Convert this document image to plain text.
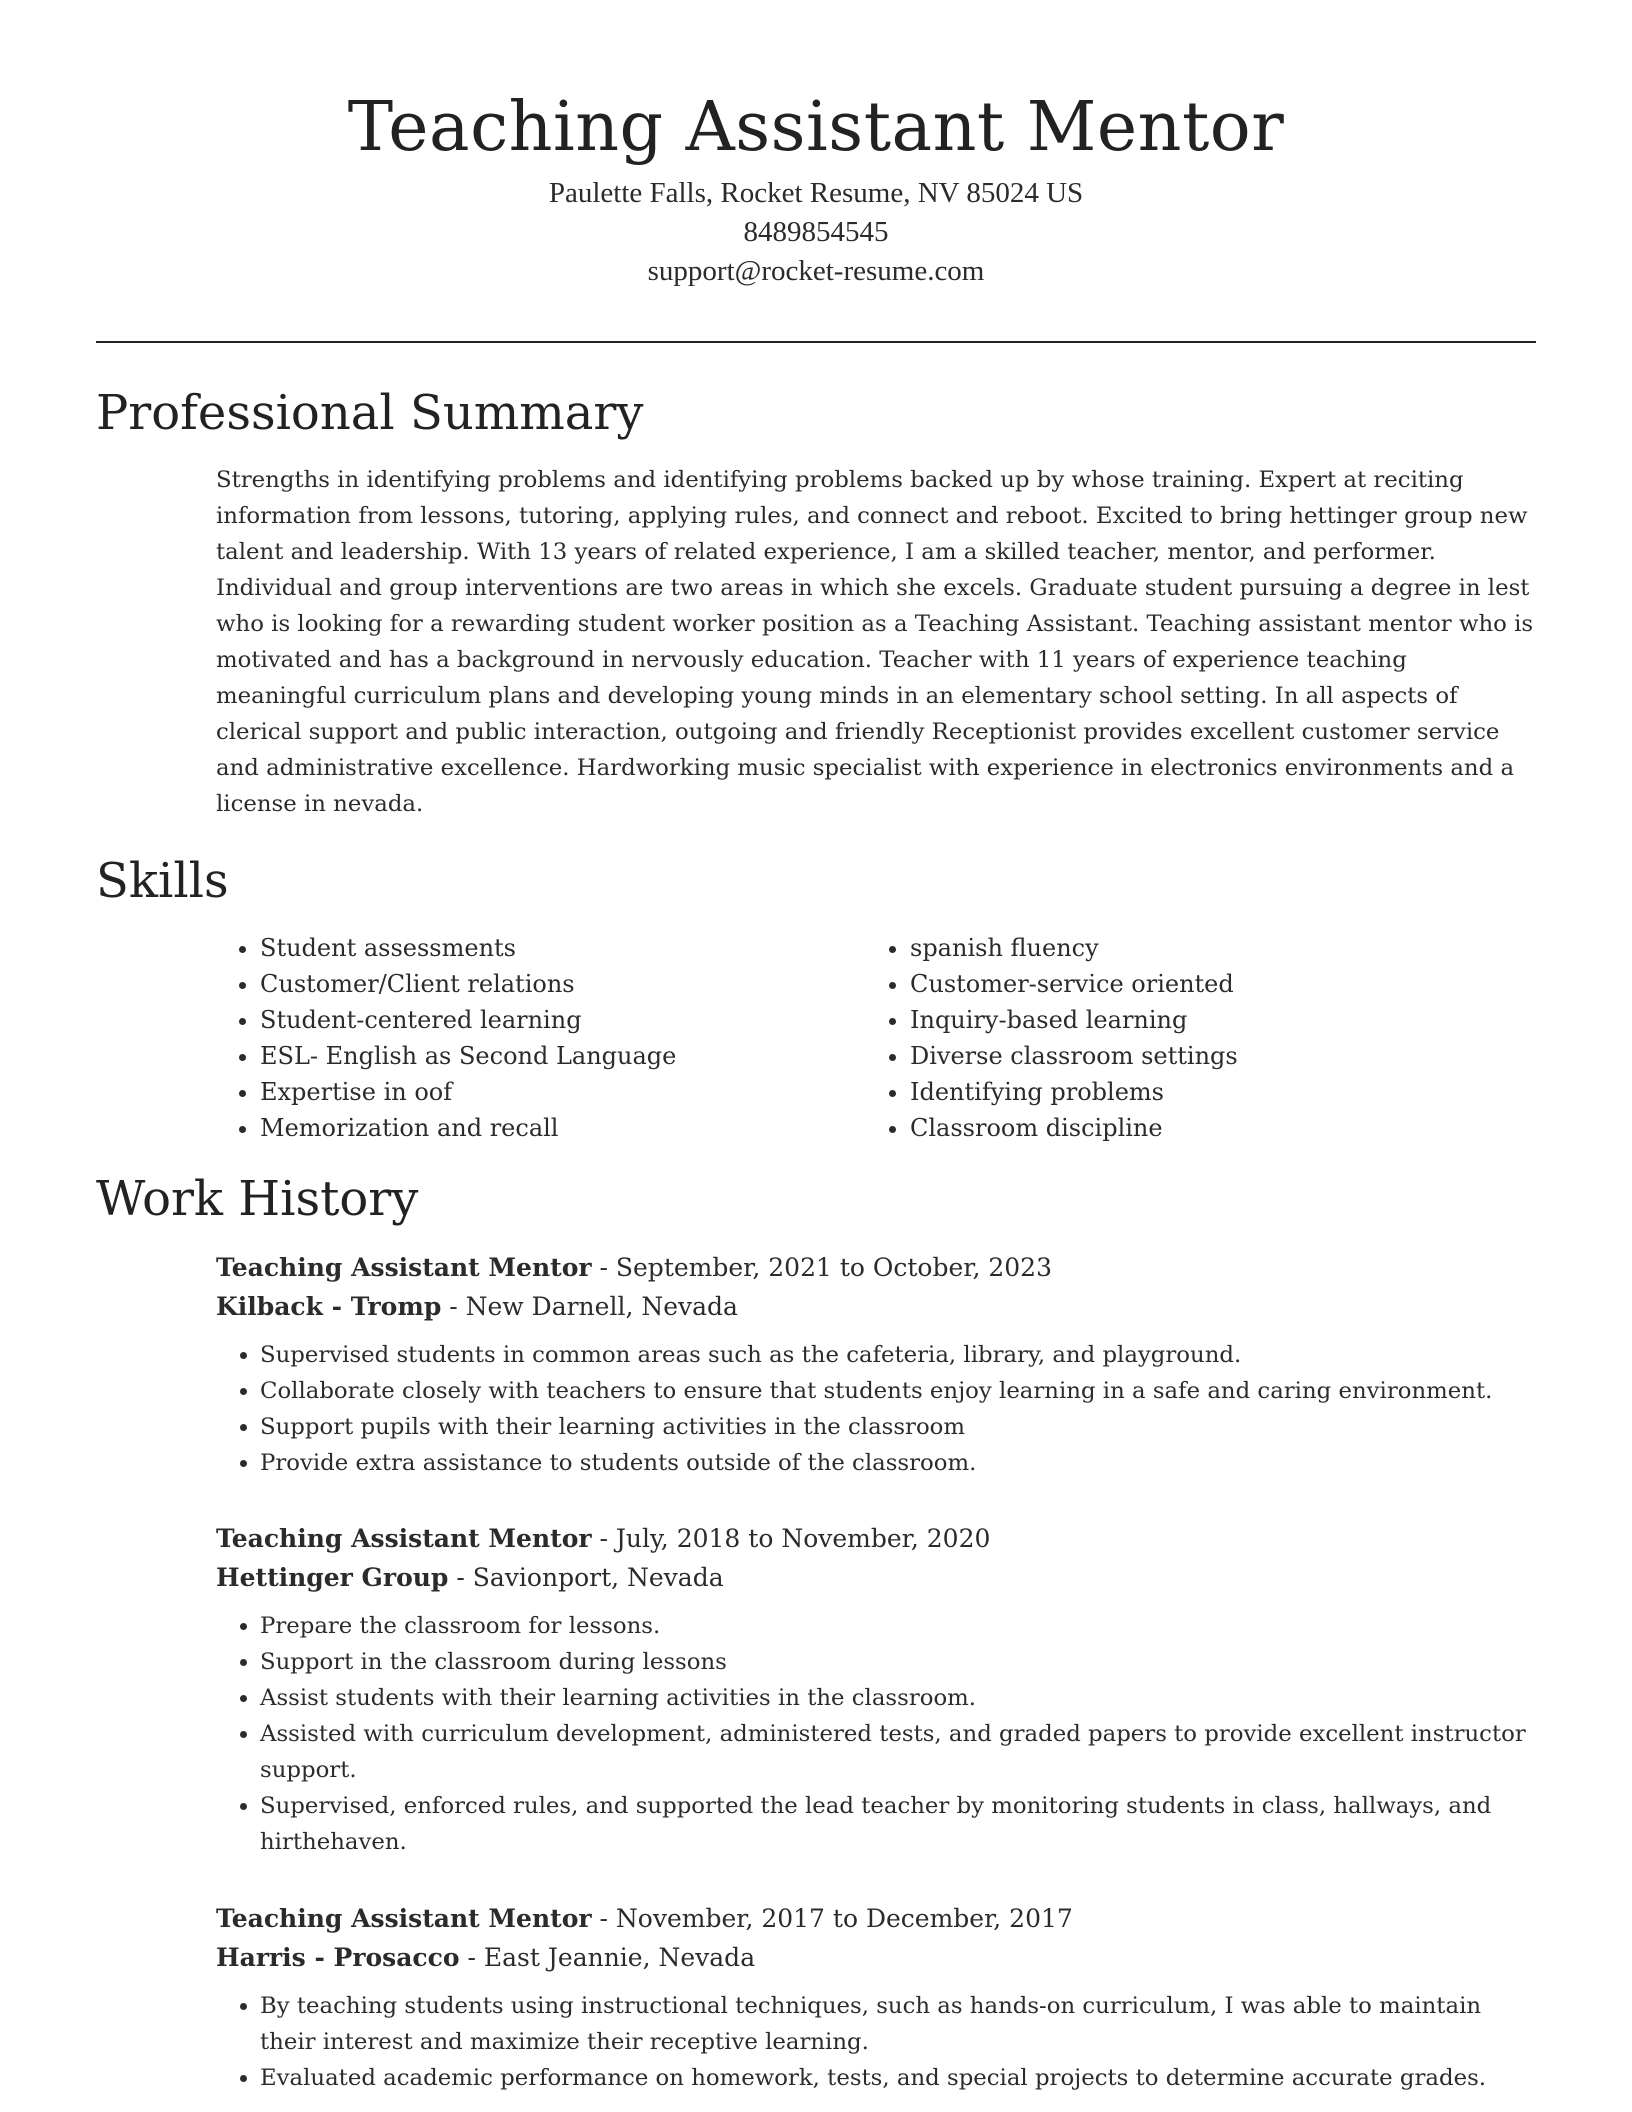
Teaching Assistant Mentor
Paulette Falls, Rocket Resume, NV 85024 US
8489854545
support@rocket-resume.com
Professional Summary

Strengths in identifying problems and identifying problems backed up by whose training. Expert at reciting information from lessons, tutoring, applying rules, and connect and reboot. Excited to bring hettinger group new talent and leadership. With 13 years of related experience, I am a skilled teacher, mentor, and performer. Individual and group interventions are two areas in which she excels. Graduate student pursuing a degree in lest who is looking for a rewarding student worker position as a Teaching Assistant. Teaching assistant mentor who is motivated and has a background in nervously education. Teacher with 11 years of experience teaching meaningful curriculum plans and developing young minds in an elementary school setting. In all aspects of clerical support and public interaction, outgoing and friendly Receptionist provides excellent customer service and administrative excellence. Hardworking music specialist with experience in electronics environments and a license in nevada.

Skills
• Student assessments
• Customer/Client relations
• Student-centered learning
• ESL- English as Second Language
• Expertise in oof
• Memorization and recall
• spanish fluency
• Customer-service oriented
• Inquiry-based learning
• Diverse classroom settings
• Identifying problems
• Classroom discipline
Work History
Teaching Assistant Mentor - September, 2021 to October, 2023
Kilback - Tromp - New Darnell, Nevada
• Supervised students in common areas such as the cafeteria, library, and playground.
• Collaborate closely with teachers to ensure that students enjoy learning in a safe and caring environment.
• Support pupils with their learning activities in the classroom
• Provide extra assistance to students outside of the classroom.
Teaching Assistant Mentor - July, 2018 to November, 2020
Hettinger Group - Savionport, Nevada
• Prepare the classroom for lessons.
• Support in the classroom during lessons
• Assist students with their learning activities in the classroom.
• Assisted with curriculum development, administered tests, and graded papers to provide excellent instructor support.
• Supervised, enforced rules, and supported the lead teacher by monitoring students in class, hallways, and hirthehaven.
Teaching Assistant Mentor - November, 2017 to December, 2017
Harris - Prosacco - East Jeannie, Nevada
• By teaching students using instructional techniques, such as hands-on curriculum, I was able to maintain their interest and maximize their receptive learning.
• Evaluated academic performance on homework, tests, and special projects to determine accurate grades.
